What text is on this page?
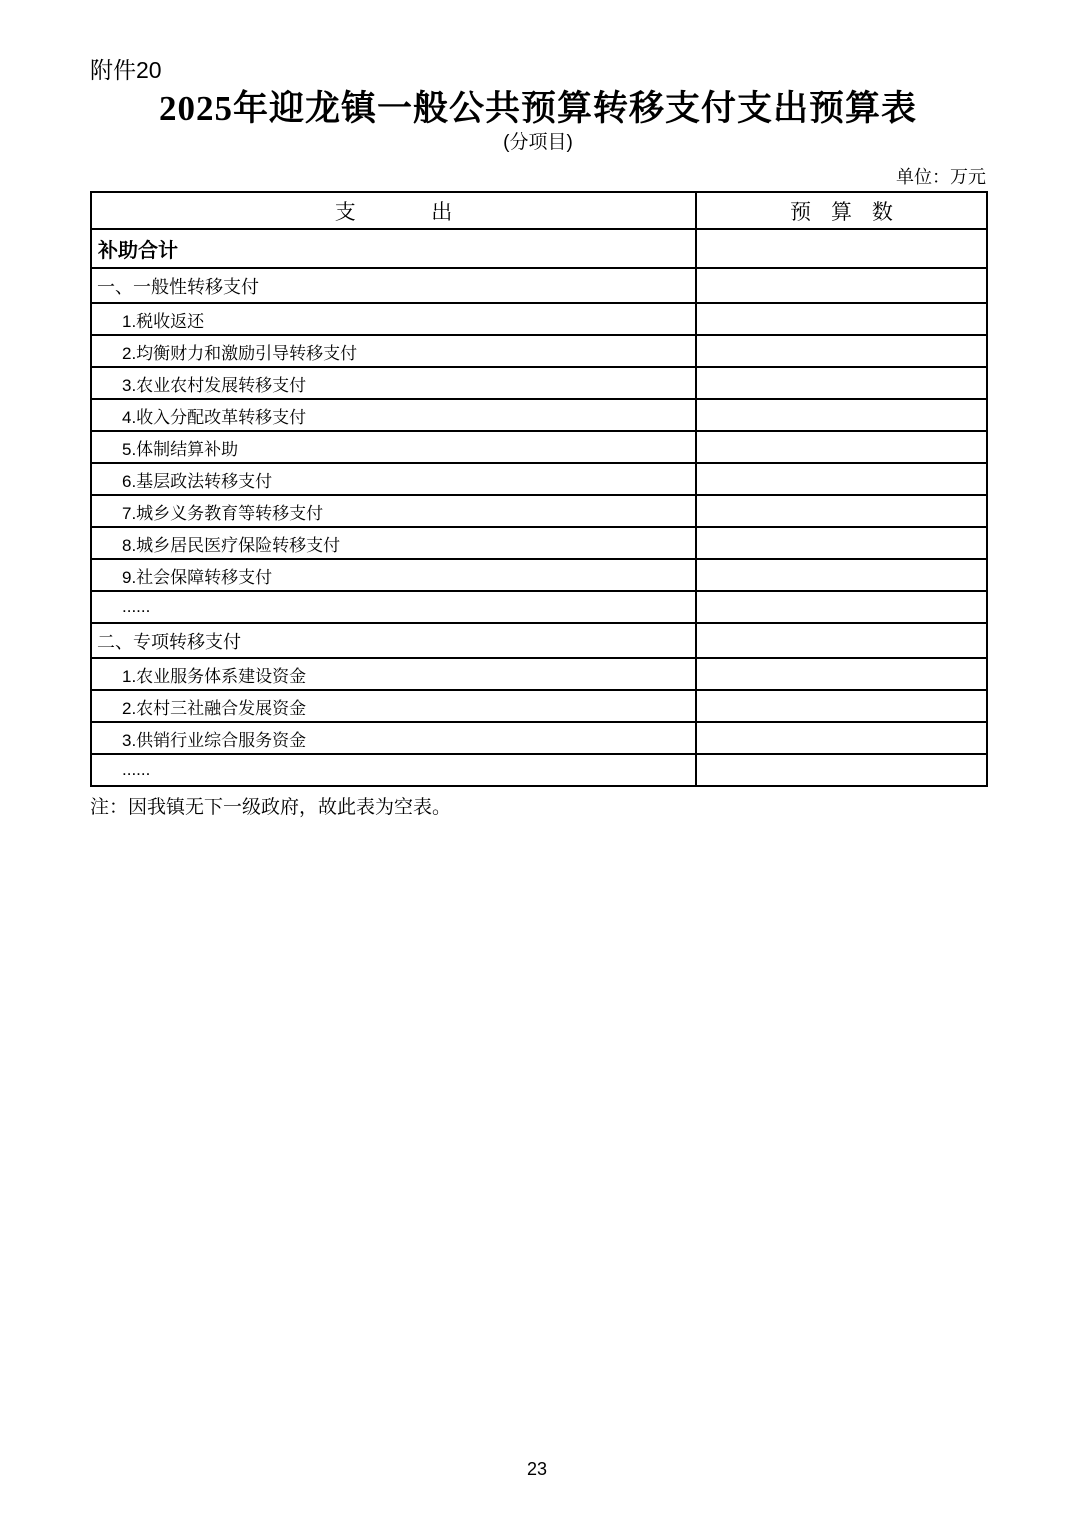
附件20
2025年迎龙镇一般公共预算转移支付支出预算表
(分项目)
单位：万元
支出	预算数
补助合计	
一、一般性转移支付	
1.税收返还	
2.均衡财力和激励引导转移支付	
3.农业农村发展转移支付	
4.收入分配改革转移支付	
5.体制结算补助	
6.基层政法转移支付	
7.城乡义务教育等转移支付	
8.城乡居民医疗保险转移支付	
9.社会保障转移支付	
......	
二、专项转移支付	
1.农业服务体系建设资金	
2.农村三社融合发展资金	
3.供销行业综合服务资金	
......	
注：因我镇无下一级政府，故此表为空表。
23
